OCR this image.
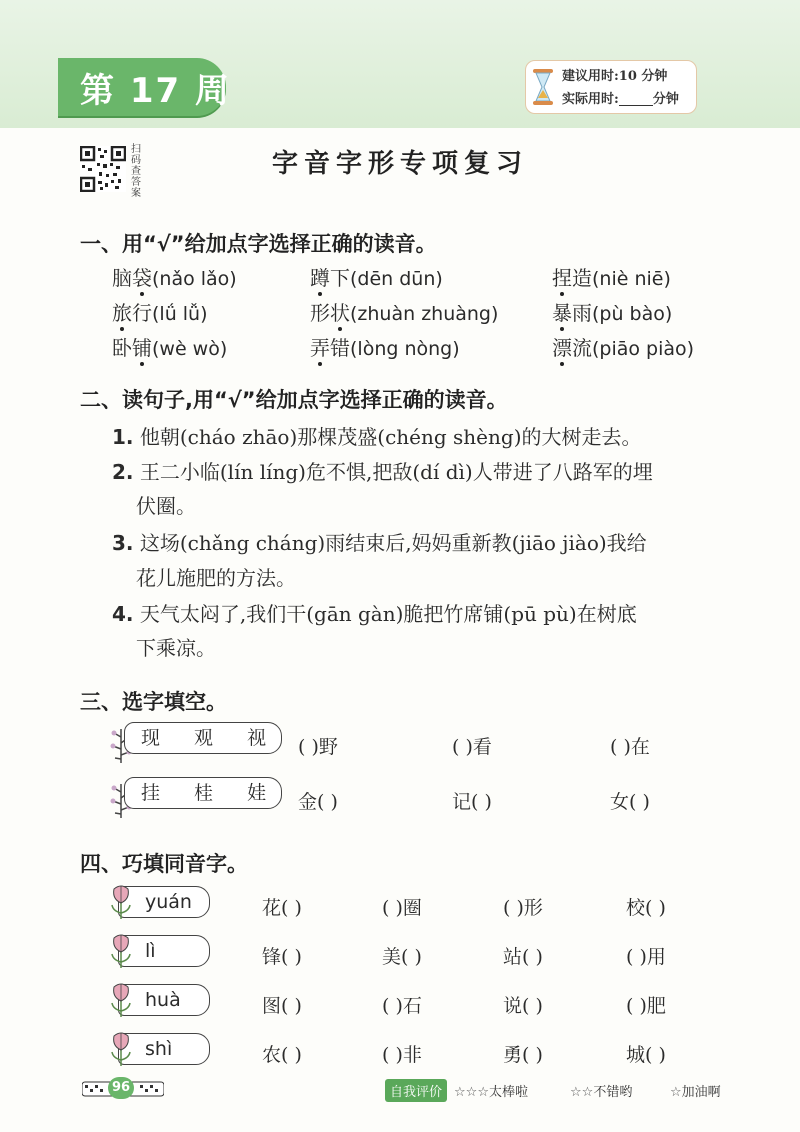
第 17 周	建议用时:10 分钟
实际用时:	分钟
扫码查答案
字音字形专项复习
一、用“√”给加点字选择正确的读音。
脑袋(nǎo lǎo)	蹲下(dēn dūn)	捏造(niè niē)
旅行(lǘ lǚ)	形状(zhuàn zhuàng)	暴雨(pù bào)
卧铺(wè wò)	弄错(lòng nòng)	漂流(piāo piào)
二、读句子,用“√”给加点字选择正确的读音。
1. 他朝(cháo zhāo)那棵茂盛(chéng shèng)的大树走去。
2. 王二小临(lín líng)危不惧,把敌(dí dì)人带进了八路军的埋
伏圈。
3. 这场(chǎng cháng)雨结束后,妈妈重新教(jiāo jiào)我给
花儿施肥的方法。
4. 天气太闷了,我们干(gān gàn)脆把竹席铺(pū pù)在树底
下乘凉。
三、选字填空。
现 观 视 ( )野	( )看	( )在
挂 桂 娃 金( )	记( )	女( )
四、巧填同音字。
yuán	花( )	( )圈	( )形	校( )
lì	锋( )	美( )	站( )	( )用
huà	图( )	( )石	说( )	( )肥
shì	农( )	( )非	勇( )	城( )
96	自我评价 ☆☆☆太棒啦	☆☆不错哟	☆加油啊
